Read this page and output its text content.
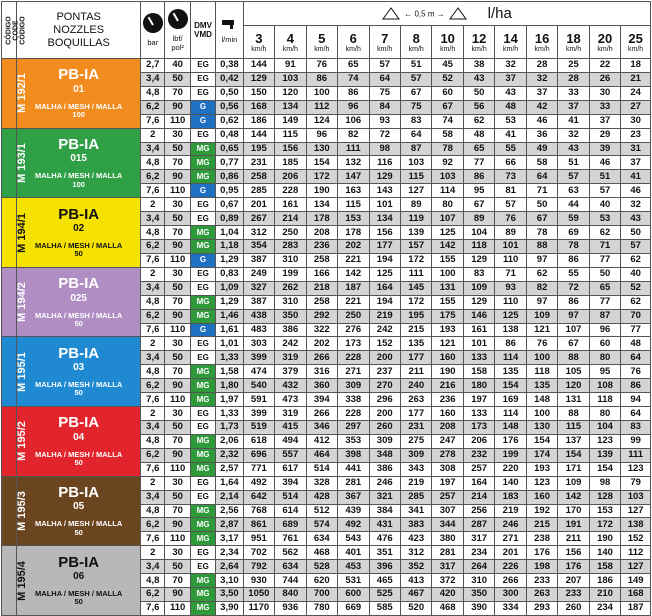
CÓDIGO
CODE
CÓDIGO	PONTAS
NOZZLES
BOQUILLAS	bar	lbf/
pol²	DMV
VMD	l/min	← 0,5 m → l/ha												

						3
km/h	4
km/h	5
km/h	6
km/h	7
km/h	8
km/h	10
km/h	12
km/h	14
km/h	16
km/h	18
km/h	20
km/h	25
km/h

M 192/1	PB-IA
01
MALHA / MESH / MALLA
100	2,7	40	EG	0,38	144	91	76	65	57	51	45	38	32	28	25	22	18
		3,4	50	EG	0,42	129	103	86	74	64	57	52	43	37	32	28	26	21
		4,8	70	EG	0,50	150	120	100	86	75	67	60	50	43	37	33	30	24
		6,2	90	G	0,56	168	134	112	96	84	75	67	56	48	42	37	33	27
		7,6	110	G	0,62	186	149	124	106	93	83	74	62	53	46	41	37	30
M 193/1	PB-IA
015
MALHA / MESH / MALLA
100	2	30	EG	0,48	144	115	96	82	72	64	58	48	41	36	32	29	23
		3,4	50	MG	0,65	195	156	130	111	98	87	78	65	55	49	43	39	31
		4,8	70	MG	0,77	231	185	154	132	116	103	92	77	66	58	51	46	37
		6,2	90	MG	0,86	258	206	172	147	129	115	103	86	73	64	57	51	41
		7,6	110	G	0,95	285	228	190	163	143	127	114	95	81	71	63	57	46
M 194/1	PB-IA
02
MALHA / MESH / MALLA
50	2	30	EG	0,67	201	161	134	115	101	89	80	67	57	50	44	40	32
		3,4	50	EG	0,89	267	214	178	153	134	119	107	89	76	67	59	53	43
		4,8	70	MG	1,04	312	250	208	178	156	139	125	104	89	78	69	62	50
		6,2	90	MG	1,18	354	283	236	202	177	157	142	118	101	88	78	71	57
		7,6	110	G	1,29	387	310	258	221	194	172	155	129	110	97	86	77	62
M 194/2	PB-IA
025
MALHA / MESH / MALLA
50	2	30	EG	0,83	249	199	166	142	125	111	100	83	71	62	55	50	40
		3,4	50	EG	1,09	327	262	218	187	164	145	131	109	93	82	72	65	52
		4,8	70	MG	1,29	387	310	258	221	194	172	155	129	110	97	86	77	62
		6,2	90	MG	1,46	438	350	292	250	219	195	175	146	125	109	97	87	70
		7,6	110	G	1,61	483	386	322	276	242	215	193	161	138	121	107	96	77
M 195/1	PB-IA
03
MALHA / MESH / MALLA
50	2	30	EG	1,01	303	242	202	173	152	135	121	101	86	76	67	60	48
		3,4	50	EG	1,33	399	319	266	228	200	177	160	133	114	100	88	80	64
		4,8	70	MG	1,58	474	379	316	271	237	211	190	158	135	118	105	95	76
		6,2	90	MG	1,80	540	432	360	309	270	240	216	180	154	135	120	108	86
		7,6	110	MG	1,97	591	473	394	338	296	263	236	197	169	148	131	118	94
M 195/2	PB-IA
04
MALHA / MESH / MALLA
50	2	30	EG	1,33	399	319	266	228	200	177	160	133	114	100	88	80	64
		3,4	50	EG	1,73	519	415	346	297	260	231	208	173	148	130	115	104	83
		4,8	70	MG	2,06	618	494	412	353	309	275	247	206	176	154	137	123	99
		6,2	90	MG	2,32	696	557	464	398	348	309	278	232	199	174	154	139	111
		7,6	110	MG	2,57	771	617	514	441	386	343	308	257	220	193	171	154	123
M 195/3	PB-IA
05
MALHA / MESH / MALLA
50	2	30	EG	1,64	492	394	328	281	246	219	197	164	140	123	109	98	79
		3,4	50	EG	2,14	642	514	428	367	321	285	257	214	183	160	142	128	103
		4,8	70	MG	2,56	768	614	512	439	384	341	307	256	219	192	170	153	127
		6,2	90	MG	2,87	861	689	574	492	431	383	344	287	246	215	191	172	138
		7,6	110	MG	3,17	951	761	634	543	476	423	380	317	271	238	211	190	152
M 195/4	PB-IA
06
MALHA / MESH / MALLA
50	2	30	EG	2,34	702	562	468	401	351	312	281	234	201	176	156	140	112
		3,4	50	EG	2,64	792	634	528	453	396	352	317	264	226	198	176	158	127
		4,8	70	MG	3,10	930	744	620	531	465	413	372	310	266	233	207	186	149
		6,2	90	MG	3,50	1050	840	700	600	525	467	420	350	300	263	233	210	168
		7,6	110	MG	3,90	1170	936	780	669	585	520	468	390	334	293	260	234	187
